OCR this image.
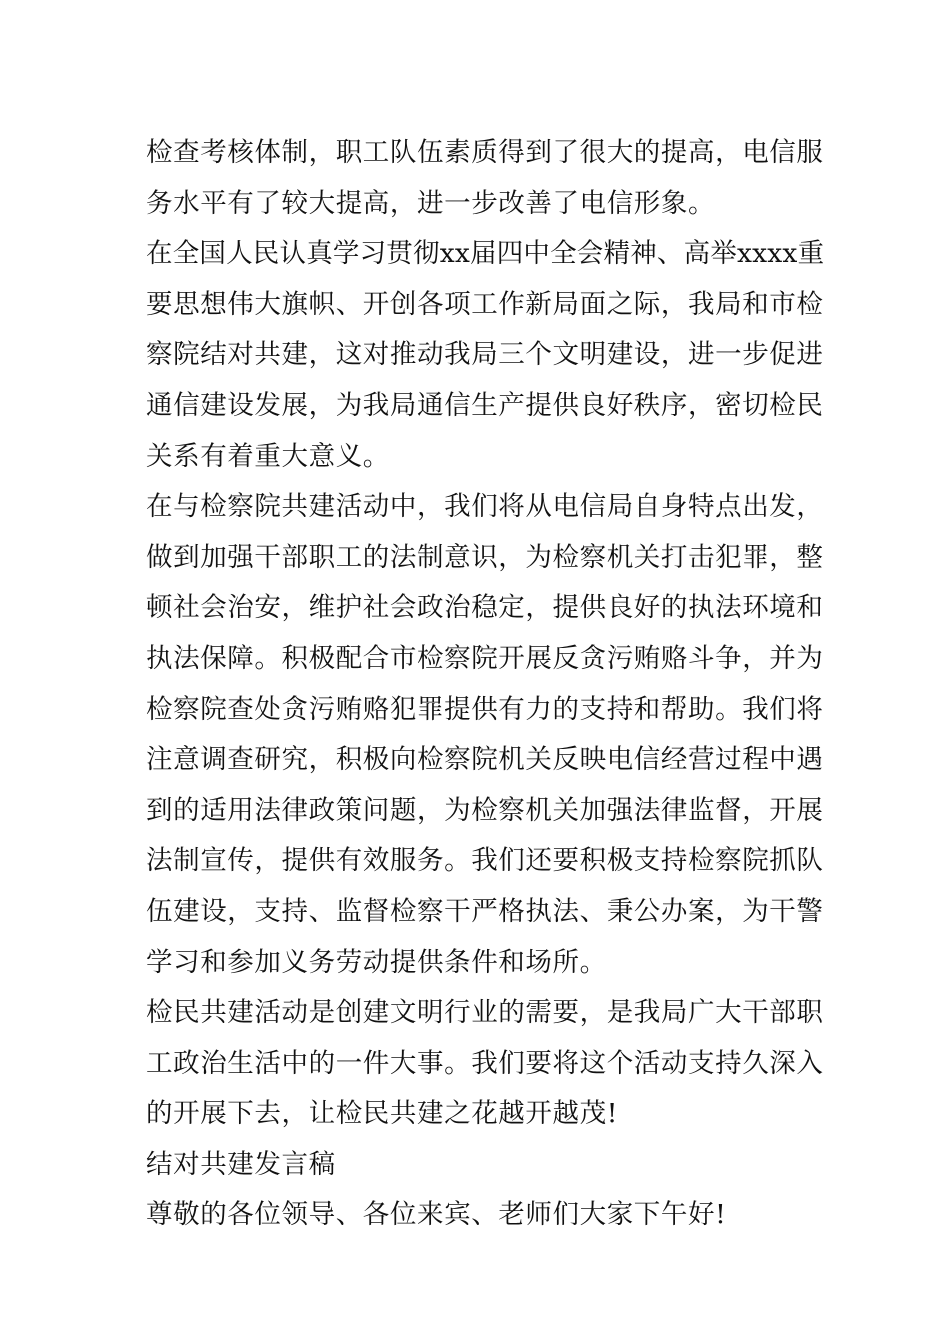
检查考核体制，职工队伍素质得到了很大的提高，电信服
务水平有了较大提高，进一步改善了电信形象。
在全国人民认真学习贯彻xx届四中全会精神、高举xxxx重
要思想伟大旗帜、开创各项工作新局面之际，我局和市检
察院结对共建，这对推动我局三个文明建设，进一步促进
通信建设发展，为我局通信生产提供良好秩序，密切检民
关系有着重大意义。
在与检察院共建活动中，我们将从电信局自身特点出发，
做到加强干部职工的法制意识，为检察机关打击犯罪，整
顿社会治安，维护社会政治稳定，提供良好的执法环境和
执法保障。积极配合市检察院开展反贪污贿赂斗争，并为
检察院查处贪污贿赂犯罪提供有力的支持和帮助。我们将
注意调查研究，积极向检察院机关反映电信经营过程中遇
到的适用法律政策问题，为检察机关加强法律监督，开展
法制宣传，提供有效服务。我们还要积极支持检察院抓队
伍建设，支持、监督检察干严格执法、秉公办案，为干警
学习和参加义务劳动提供条件和场所。
检民共建活动是创建文明行业的需要，是我局广大干部职
工政治生活中的一件大事。我们要将这个活动支持久深入
的开展下去，让检民共建之花越开越茂!
结对共建发言稿
尊敬的各位领导、各位来宾、老师们大家下午好!
